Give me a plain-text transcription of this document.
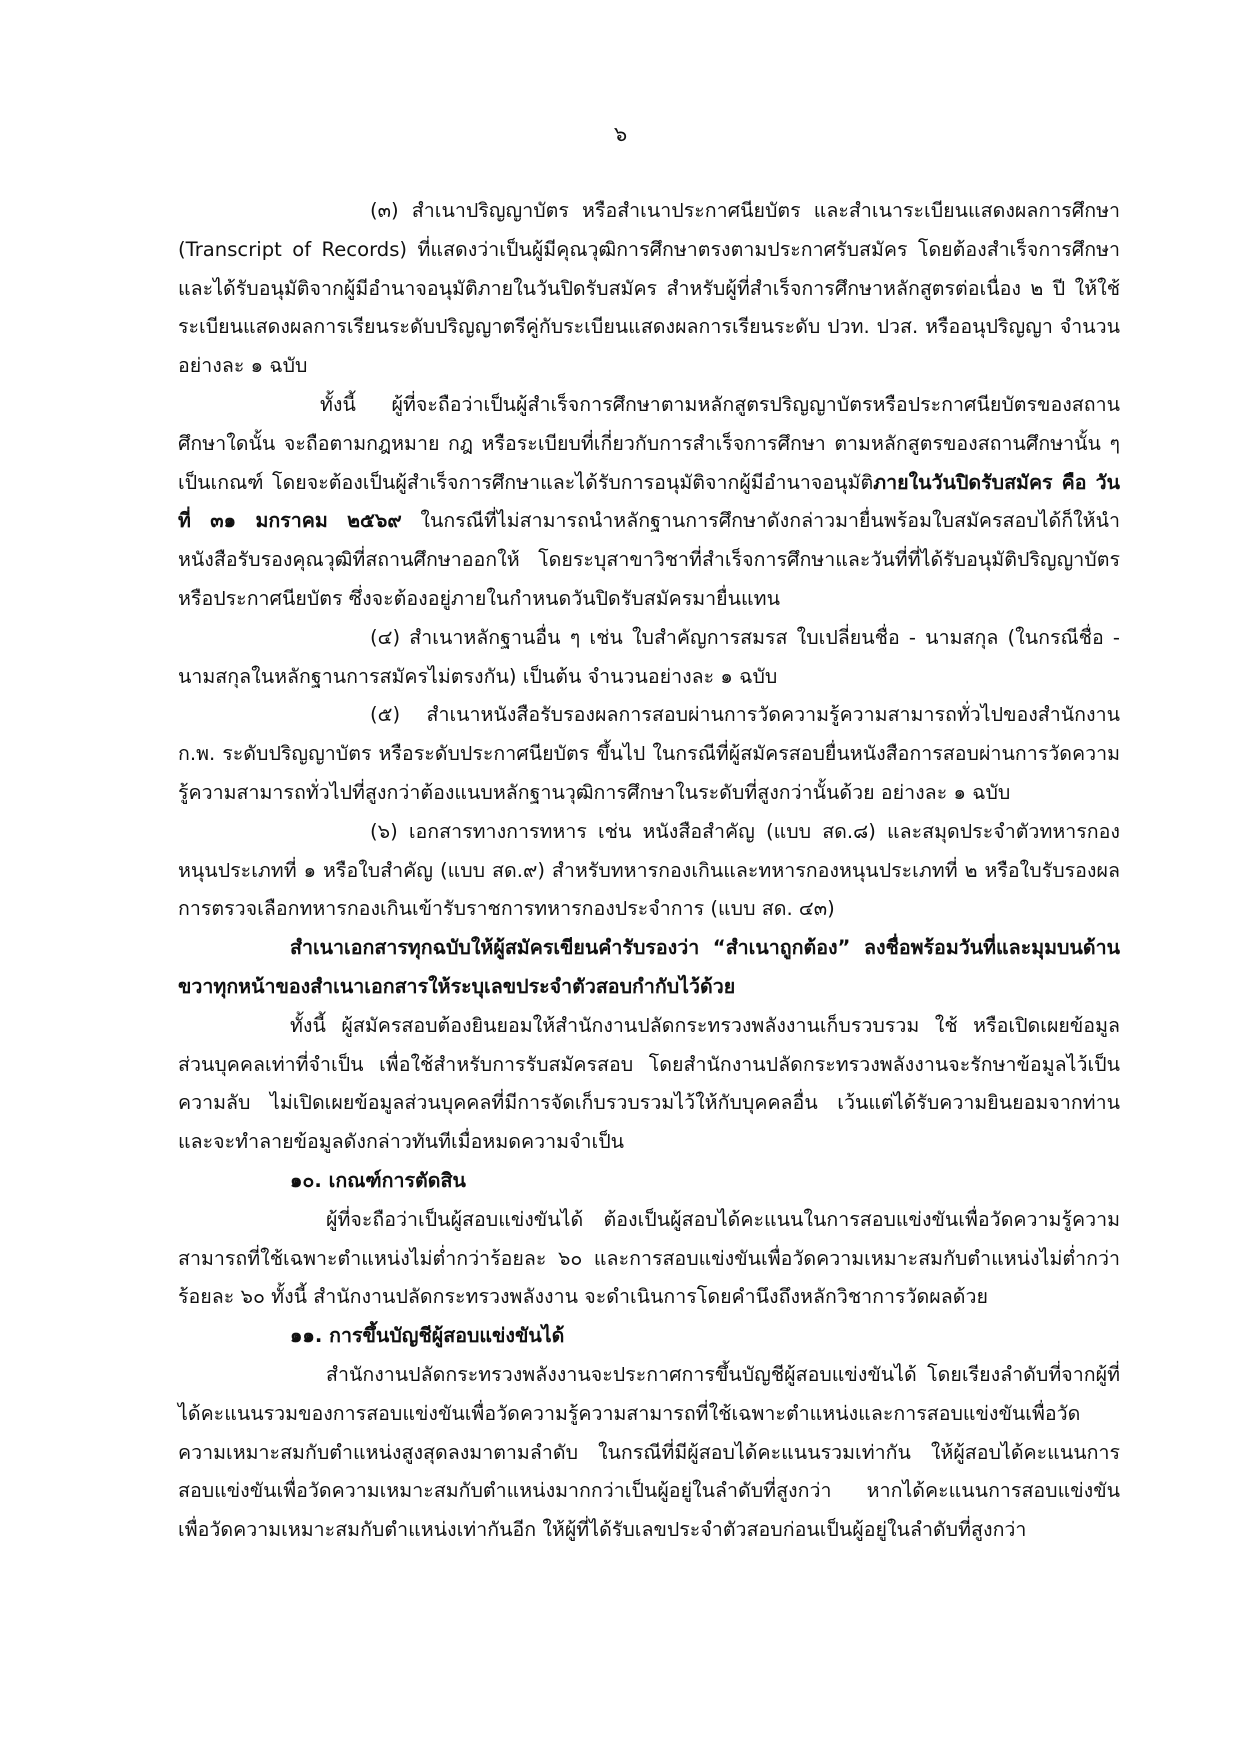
๖

(๓) สำเนาปริญญาบัตร หรือสำเนาประกาศนียบัตร และสำเนาระเบียนแสดงผลการศึกษา (Transcript of Records) ที่แสดงว่าเป็นผู้มีคุณวุฒิการศึกษาตรงตามประกาศรับสมัคร โดยต้องสำเร็จการศึกษาและได้รับอนุมัติจากผู้มีอำนาจอนุมัติภายในวันปิดรับสมัคร สำหรับผู้ที่สำเร็จการศึกษาหลักสูตรต่อเนื่อง ๒ ปี ให้ใช้ระเบียนแสดงผลการเรียนระดับปริญญาตรีคู่กับระเบียนแสดงผลการเรียนระดับ ปวท. ปวส. หรืออนุปริญญา จำนวนอย่างละ ๑ ฉบับ

ทั้งนี้ ผู้ที่จะถือว่าเป็นผู้สำเร็จการศึกษาตามหลักสูตรปริญญาบัตรหรือประกาศนียบัตรของสถานศึกษาใดนั้น จะถือตามกฎหมาย กฎ หรือระเบียบที่เกี่ยวกับการสำเร็จการศึกษา ตามหลักสูตรของสถานศึกษานั้น ๆ เป็นเกณฑ์ โดยจะต้องเป็นผู้สำเร็จการศึกษาและได้รับการอนุมัติจากผู้มีอำนาจอนุมัติภายในวันปิดรับสมัคร คือ วันที่ ๓๑ มกราคม ๒๕๖๙ ในกรณีที่ไม่สามารถนำหลักฐานการศึกษาดังกล่าวมายื่นพร้อมใบสมัครสอบได้ก็ให้นำหนังสือรับรองคุณวุฒิที่สถานศึกษาออกให้ โดยระบุสาขาวิชาที่สำเร็จการศึกษาและวันที่ที่ได้รับอนุมัติปริญญาบัตร หรือประกาศนียบัตร ซึ่งจะต้องอยู่ภายในกำหนดวันปิดรับสมัครมายื่นแทน

(๔) สำเนาหลักฐานอื่น ๆ เช่น ใบสำคัญการสมรส ใบเปลี่ยนชื่อ - นามสกุล (ในกรณีชื่อ - นามสกุลในหลักฐานการสมัครไม่ตรงกัน) เป็นต้น จำนวนอย่างละ ๑ ฉบับ

(๕) สำเนาหนังสือรับรองผลการสอบผ่านการวัดความรู้ความสามารถทั่วไปของสำนักงาน ก.พ. ระดับปริญญาบัตร หรือระดับประกาศนียบัตร ขึ้นไป ในกรณีที่ผู้สมัครสอบยื่นหนังสือการสอบผ่านการวัดความรู้ความสามารถทั่วไปที่สูงกว่าต้องแนบหลักฐานวุฒิการศึกษาในระดับที่สูงกว่านั้นด้วย อย่างละ ๑ ฉบับ

(๖) เอกสารทางการทหาร เช่น หนังสือสำคัญ (แบบ สด.๘) และสมุดประจำตัวทหารกองหนุนประเภทที่ ๑ หรือใบสำคัญ (แบบ สด.๙) สำหรับทหารกองเกินและทหารกองหนุนประเภทที่ ๒ หรือใบรับรองผลการตรวจเลือกทหารกองเกินเข้ารับราชการทหารกองประจำการ (แบบ สด. ๔๓)

สำเนาเอกสารทุกฉบับให้ผู้สมัครเขียนคำรับรองว่า “สำเนาถูกต้อง” ลงชื่อพร้อมวันที่และมุมบนด้านขวาทุกหน้าของสำเนาเอกสารให้ระบุเลขประจำตัวสอบกำกับไว้ด้วย

ทั้งนี้ ผู้สมัครสอบต้องยินยอมให้สำนักงานปลัดกระทรวงพลังงานเก็บรวบรวม ใช้ หรือเปิดเผยข้อมูลส่วนบุคคลเท่าที่จำเป็น เพื่อใช้สำหรับการรับสมัครสอบ โดยสำนักงานปลัดกระทรวงพลังงานจะรักษาข้อมูลไว้เป็นความลับ ไม่เปิดเผยข้อมูลส่วนบุคคลที่มีการจัดเก็บรวบรวมไว้ให้กับบุคคลอื่น เว้นแต่ได้รับความยินยอมจากท่าน และจะทำลายข้อมูลดังกล่าวทันทีเมื่อหมดความจำเป็น

๑๐. เกณฑ์การตัดสิน

ผู้ที่จะถือว่าเป็นผู้สอบแข่งขันได้ ต้องเป็นผู้สอบได้คะแนนในการสอบแข่งขันเพื่อวัดความรู้ความสามารถที่ใช้เฉพาะตำแหน่งไม่ต่ำกว่าร้อยละ ๖๐ และการสอบแข่งขันเพื่อวัดความเหมาะสมกับตำแหน่งไม่ต่ำกว่าร้อยละ ๖๐ ทั้งนี้ สำนักงานปลัดกระทรวงพลังงาน จะดำเนินการโดยคำนึงถึงหลักวิชาการวัดผลด้วย

๑๑. การขึ้นบัญชีผู้สอบแข่งขันได้

สำนักงานปลัดกระทรวงพลังงานจะประกาศการขึ้นบัญชีผู้สอบแข่งขันได้ โดยเรียงลำดับที่จากผู้ที่ได้คะแนนรวมของการสอบแข่งขันเพื่อวัดความรู้ความสามารถที่ใช้เฉพาะตำแหน่งและการสอบแข่งขันเพื่อวัดความเหมาะสมกับตำแหน่งสูงสุดลงมาตามลำดับ ในกรณีที่มีผู้สอบได้คะแนนรวมเท่ากัน ให้ผู้สอบได้คะแนนการสอบแข่งขันเพื่อวัดความเหมาะสมกับตำแหน่งมากกว่าเป็นผู้อยู่ในลำดับที่สูงกว่า หากได้คะแนนการสอบแข่งขันเพื่อวัดความเหมาะสมกับตำแหน่งเท่ากันอีก ให้ผู้ที่ได้รับเลขประจำตัวสอบก่อนเป็นผู้อยู่ในลำดับที่สูงกว่า
